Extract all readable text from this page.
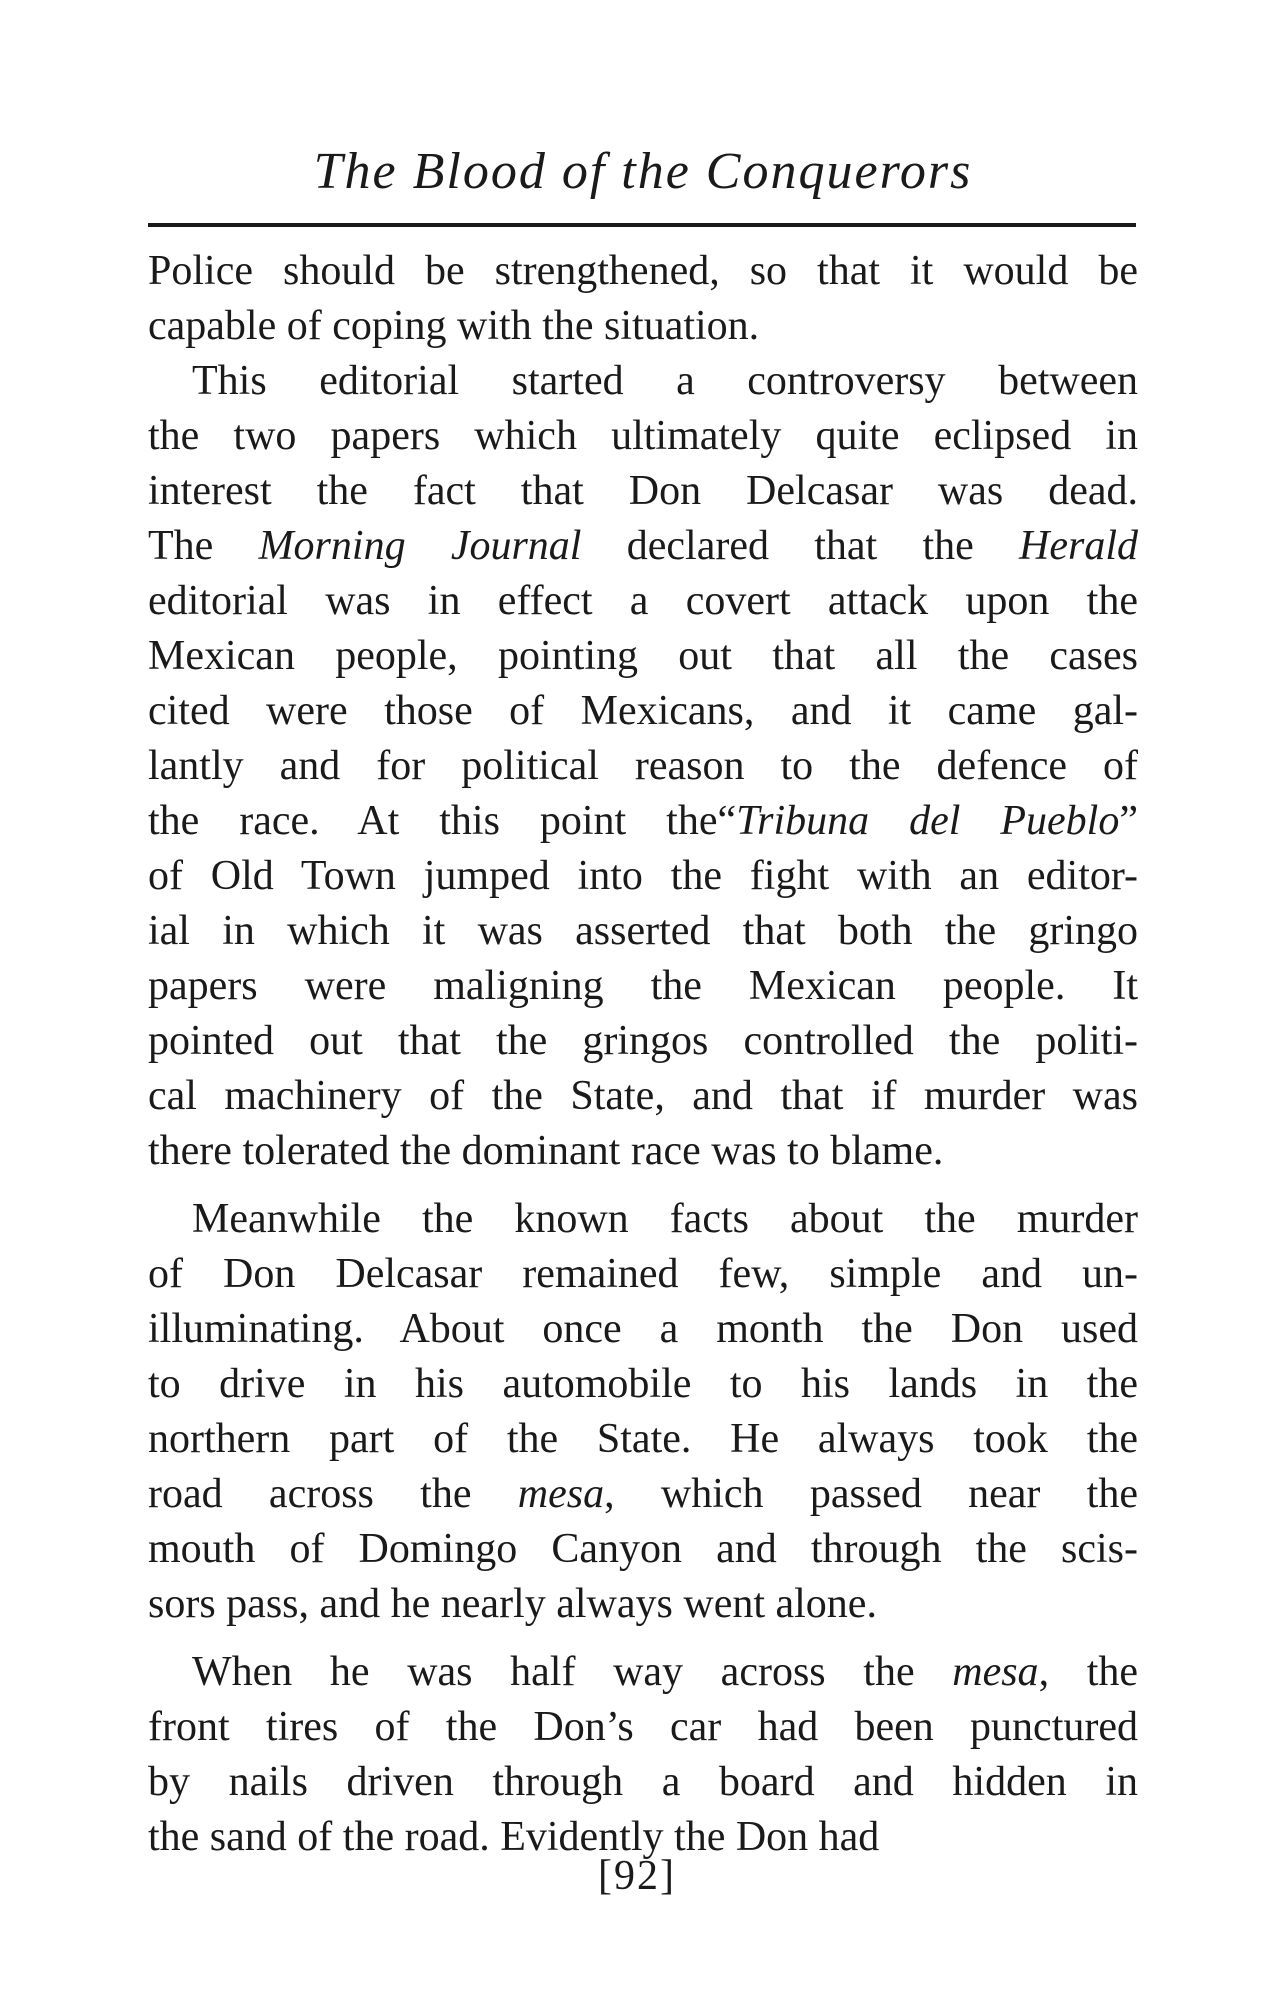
The Blood of the Conquerors
Police should be strengthened, so that it would be
capable of coping with the situation.
This editorial started a controversy between
the two papers which ultimately quite eclipsed in
interest the fact that Don Delcasar was dead.
The Morning Journal declared that the Herald
editorial was in effect a covert attack upon the
Mexican people, pointing out that all the cases
cited were those of Mexicans, and it came gal-
lantly and for political reason to the defence of
the race. At this point the“Tribuna del Pueblo”
of Old Town jumped into the fight with an editor-
ial in which it was asserted that both the gringo
papers were maligning the Mexican people. It
pointed out that the gringos controlled the politi-
cal machinery of the State, and that if murder was
there tolerated the dominant race was to blame.
Meanwhile the known facts about the murder
of Don Delcasar remained few, simple and un-
illuminating. About once a month the Don used
to drive in his automobile to his lands in the
northern part of the State. He always took the
road across the mesa, which passed near the
mouth of Domingo Canyon and through the scis-
sors pass, and he nearly always went alone.
When he was half way across the mesa, the
front tires of the Don’s car had been punctured
by nails driven through a board and hidden in
the sand of the road. Evidently the Don had
[92]
